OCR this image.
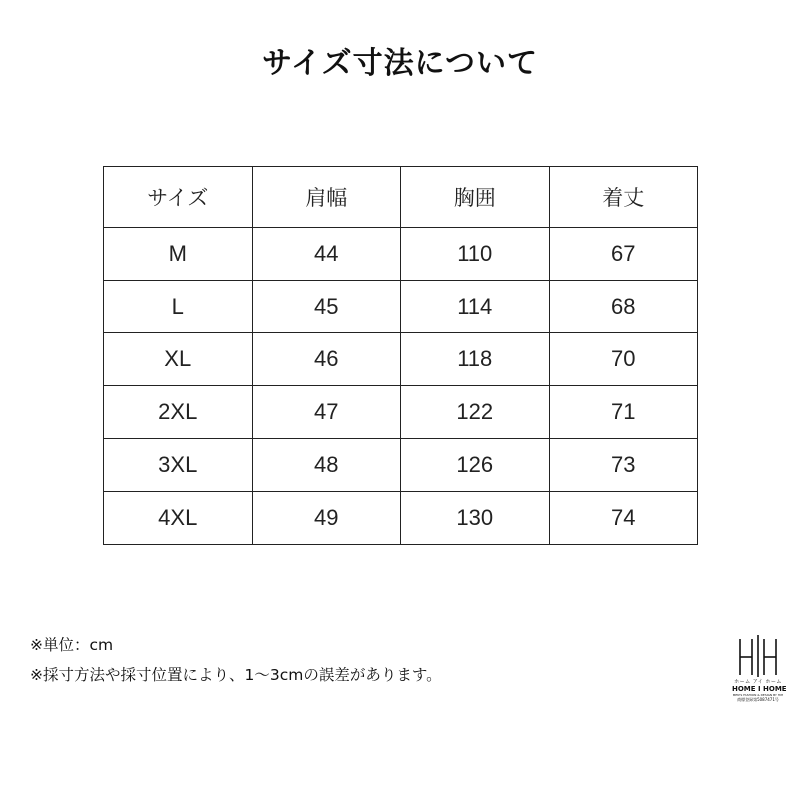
サイズ寸法について
サイズ	肩幅	胸囲	着丈
M	44	110	67
L	45	114	68
XL	46	118	70
2XL	47	122	71
3XL	48	126	73
4XL	49	130	74
※単位：cm
※採寸方法や採寸位置により、1～3cmの誤差があります。	ホーム アイ ホーム
HOME I HOME
MEN'S FASHION & DESIGN BY HIH
商標登録第5087471号
